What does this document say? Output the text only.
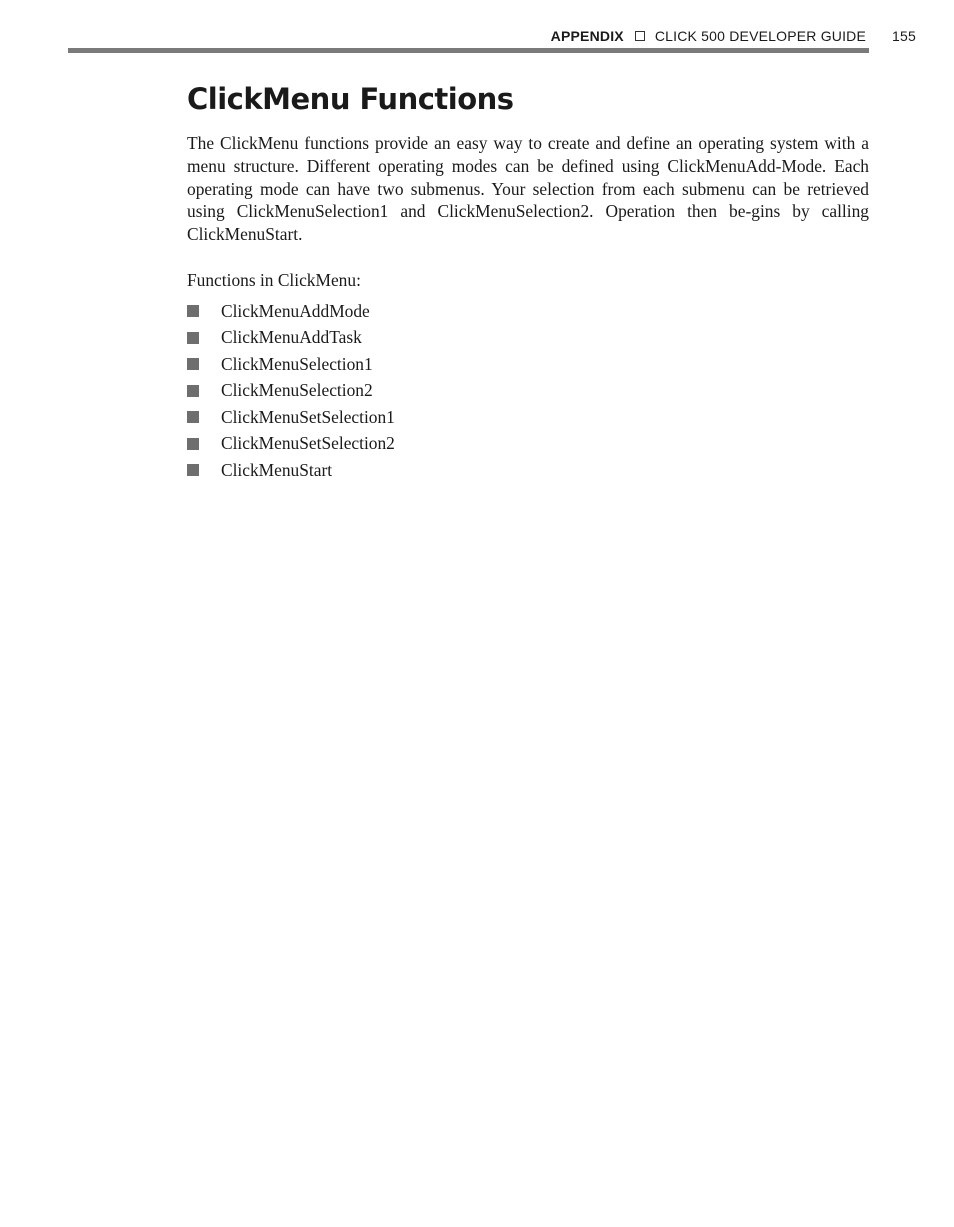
APPENDIX CLICK 500 DEVELOPER GUIDE 155
ClickMenu Functions

The ClickMenu functions provide an easy way to create and define an operating system with a menu structure. Different operating modes can be defined using ClickMenuAdd-Mode. Each operating mode can have two submenus. Your selection from each submenu can be retrieved using ClickMenuSelection1 and ClickMenuSelection2. Operation then be-gins by calling ClickMenuStart.

Functions in ClickMenu:

ClickMenuAddMode
ClickMenuAddTask
ClickMenuSelection1
ClickMenuSelection2
ClickMenuSetSelection1
ClickMenuSetSelection2
ClickMenuStart
